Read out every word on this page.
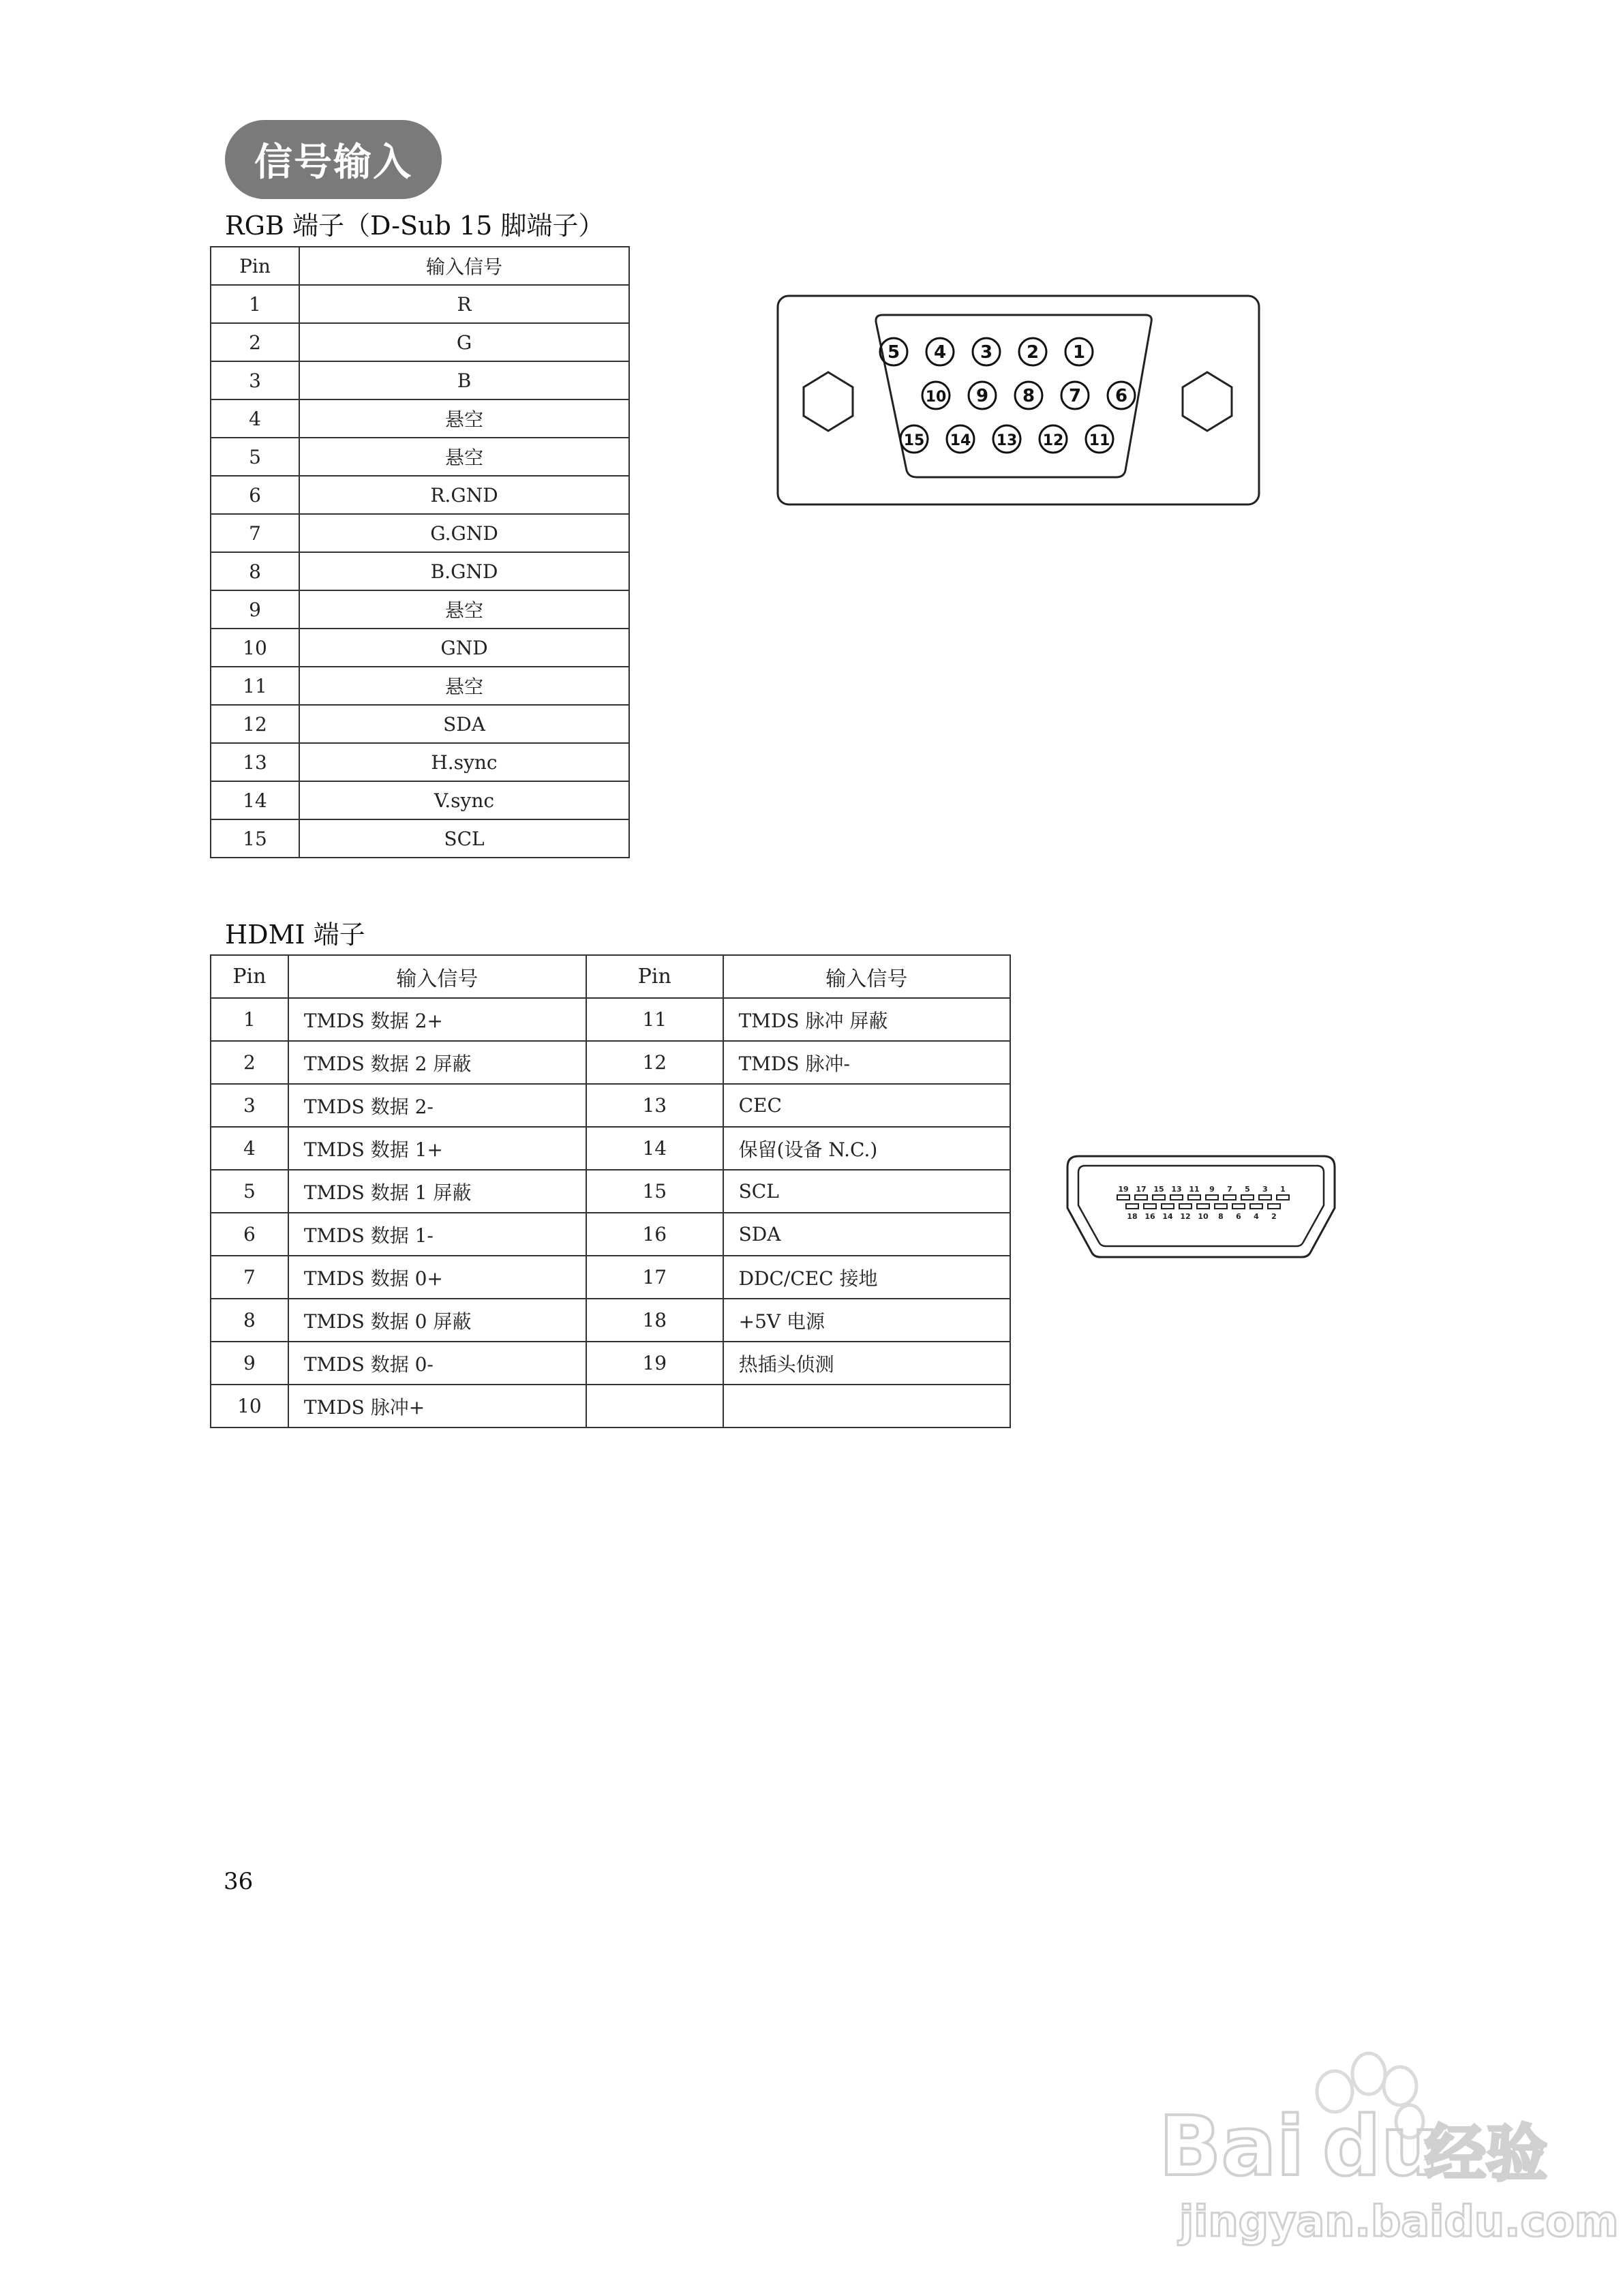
信号输入
RGB 端子（D-Sub 15 脚端子）
Pin	输入信号
1	R
2	G
3	B
4	悬空
5	悬空
6	R.GND
7	G.GND
8	B.GND
9	悬空
10	GND
11	悬空
12	SDA
13	H.sync
14	V.sync
15	SCL
5 4 3 2 1
10 9 8 7 6
15 14 13 12 11
HDMI 端子
Pin	输入信号	Pin	输入信号
1	TMDS 数据 2+	11	TMDS 脉冲 屏蔽
2	TMDS 数据 2 屏蔽	12	TMDS 脉冲-
3	TMDS 数据 2-	13	CEC
4	TMDS 数据 1+	14	保留(设备 N.C.)
5	TMDS 数据 1 屏蔽	15	SCL
6	TMDS 数据 1-	16	SDA
7	TMDS 数据 0+	17	DDC/CEC 接地
8	TMDS 数据 0 屏蔽	18	+5V 电源
9	TMDS 数据 0-	19	热插头侦测
10	TMDS 脉冲+		
19 17 15 13 11 9 7 5 3 1
18 16 14 12 10 8 6 4 2
36
Bai du
经验
jingyan.baidu.com
